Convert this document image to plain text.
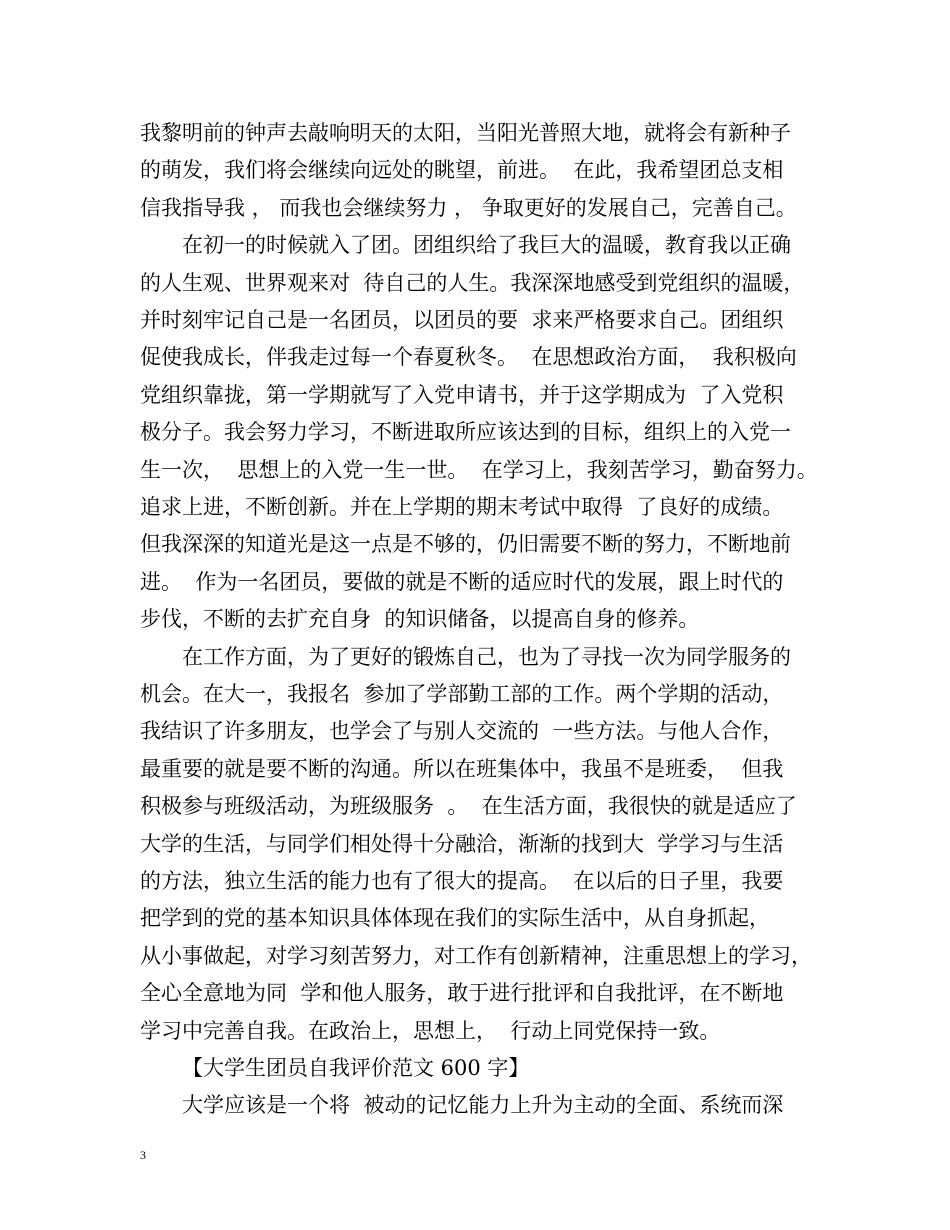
我黎明前的钟声去敲响明天的太阳，当阳光普照大地，就将会有新种子
的萌发，我们将会继续向远处的眺望，前进。  在此，我希望团总支相
信我指导我 ， 而我也会继续努力 ， 争取更好的发展自己，完善自己。
在初一的时候就入了团。团组织给了我巨大的温暖，教育我以正确
的人生观、世界观来对  待自己的人生。我深深地感受到党组织的温暖，
并时刻牢记自己是一名团员，以团员的要  求来严格要求自己。团组织
促使我成长，伴我走过每一个春夏秋冬。  在思想政治方面，  我积极向
党组织靠拢，第一学期就写了入党申请书，并于这学期成为  了入党积
极分子。我会努力学习，不断进取所应该达到的目标，组织上的入党一
生一次，  思想上的入党一生一世。  在学习上，我刻苦学习，勤奋努力。
追求上进，不断创新。并在上学期的期末考试中取得  了良好的成绩。
但我深深的知道光是这一点是不够的，仍旧需要不断的努力，不断地前
进。  作为一名团员，要做的就是不断的适应时代的发展，跟上时代的
步伐，不断的去扩充自身  的知识储备，以提高自身的修养。
在工作方面，为了更好的锻炼自己，也为了寻找一次为同学服务的
机会。在大一，我报名  参加了学部勤工部的工作。两个学期的活动，
我结识了许多朋友，也学会了与别人交流的  一些方法。与他人合作，
最重要的就是要不断的沟通。所以在班集体中，我虽不是班委，  但我
积极参与班级活动，为班级服务  。  在生活方面，我很快的就是适应了
大学的生活，与同学们相处得十分融洽，渐渐的找到大  学学习与生活
的方法，独立生活的能力也有了很大的提高。  在以后的日子里，我要
把学到的党的基本知识具体体现在我们的实际生活中，从自身抓起，
从小事做起，对学习刻苦努力，对工作有创新精神，注重思想上的学习，
全心全意地为同  学和他人服务，敢于进行批评和自我批评，在不断地
学习中完善自我。在政治上，思想上，  行动上同党保持一致。
【大学生团员自我评价范文 600 字】
大学应该是一个将  被动的记忆能力上升为主动的全面、系统而深
3
